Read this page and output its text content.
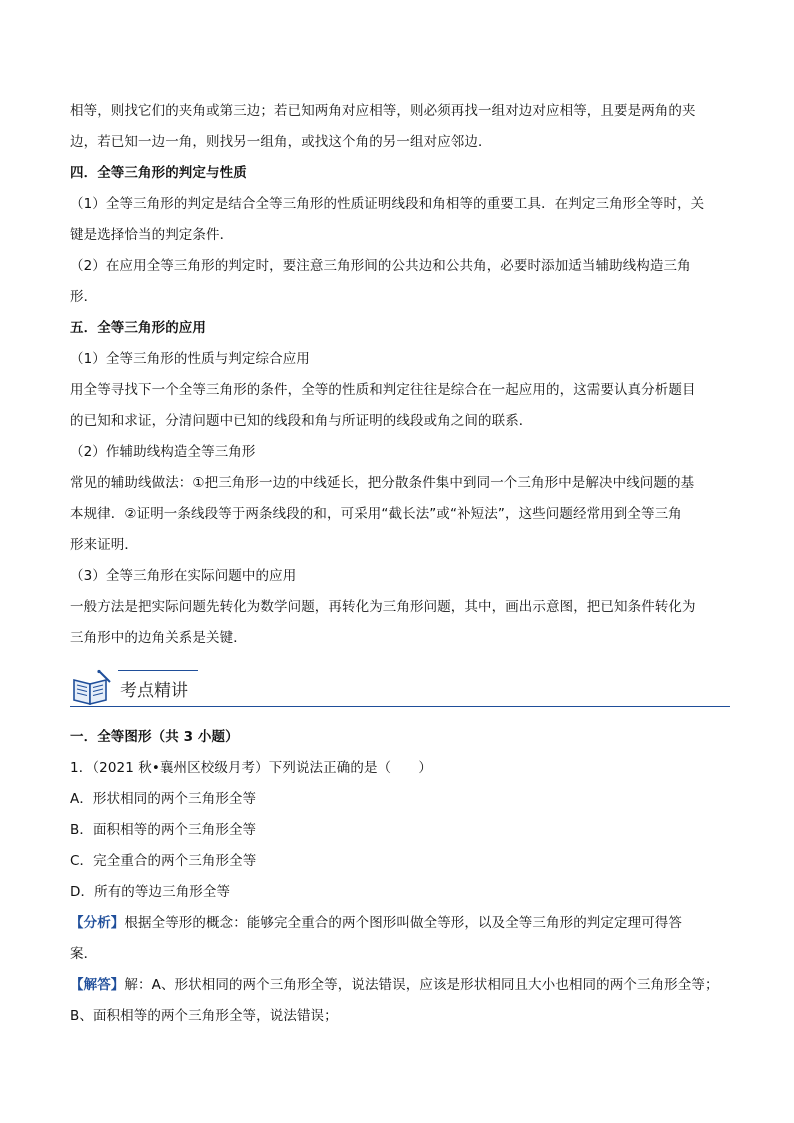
相等，则找它们的夹角或第三边；若已知两角对应相等，则必须再找一组对边对应相等，且要是两角的夹

边，若已知一边一角，则找另一组角，或找这个角的另一组对应邻边．

四．全等三角形的判定与性质

（1）全等三角形的判定是结合全等三角形的性质证明线段和角相等的重要工具．在判定三角形全等时，关

键是选择恰当的判定条件．

（2）在应用全等三角形的判定时，要注意三角形间的公共边和公共角，必要时添加适当辅助线构造三角

形．

五．全等三角形的应用

（1）全等三角形的性质与判定综合应用

用全等寻找下一个全等三角形的条件，全等的性质和判定往往是综合在一起应用的，这需要认真分析题目

的已知和求证，分清问题中已知的线段和角与所证明的线段或角之间的联系．

（2）作辅助线构造全等三角形

常见的辅助线做法：①把三角形一边的中线延长，把分散条件集中到同一个三角形中是解决中线问题的基

本规律．②证明一条线段等于两条线段的和，可采用“截长法”或“补短法”，这些问题经常用到全等三角

形来证明．

（3）全等三角形在实际问题中的应用

一般方法是把实际问题先转化为数学问题，再转化为三角形问题，其中，画出示意图，把已知条件转化为

三角形中的边角关系是关键．

考点精讲

一．全等图形（共 3 小题）

1．（2021 秋•襄州区校级月考）下列说法正确的是（　　）

A．形状相同的两个三角形全等

B．面积相等的两个三角形全等

C．完全重合的两个三角形全等

D．所有的等边三角形全等

【分析】根据全等形的概念：能够完全重合的两个图形叫做全等形，以及全等三角形的判定定理可得答

案．

【解答】解：A、形状相同的两个三角形全等，说法错误，应该是形状相同且大小也相同的两个三角形全等；

B、面积相等的两个三角形全等，说法错误；
